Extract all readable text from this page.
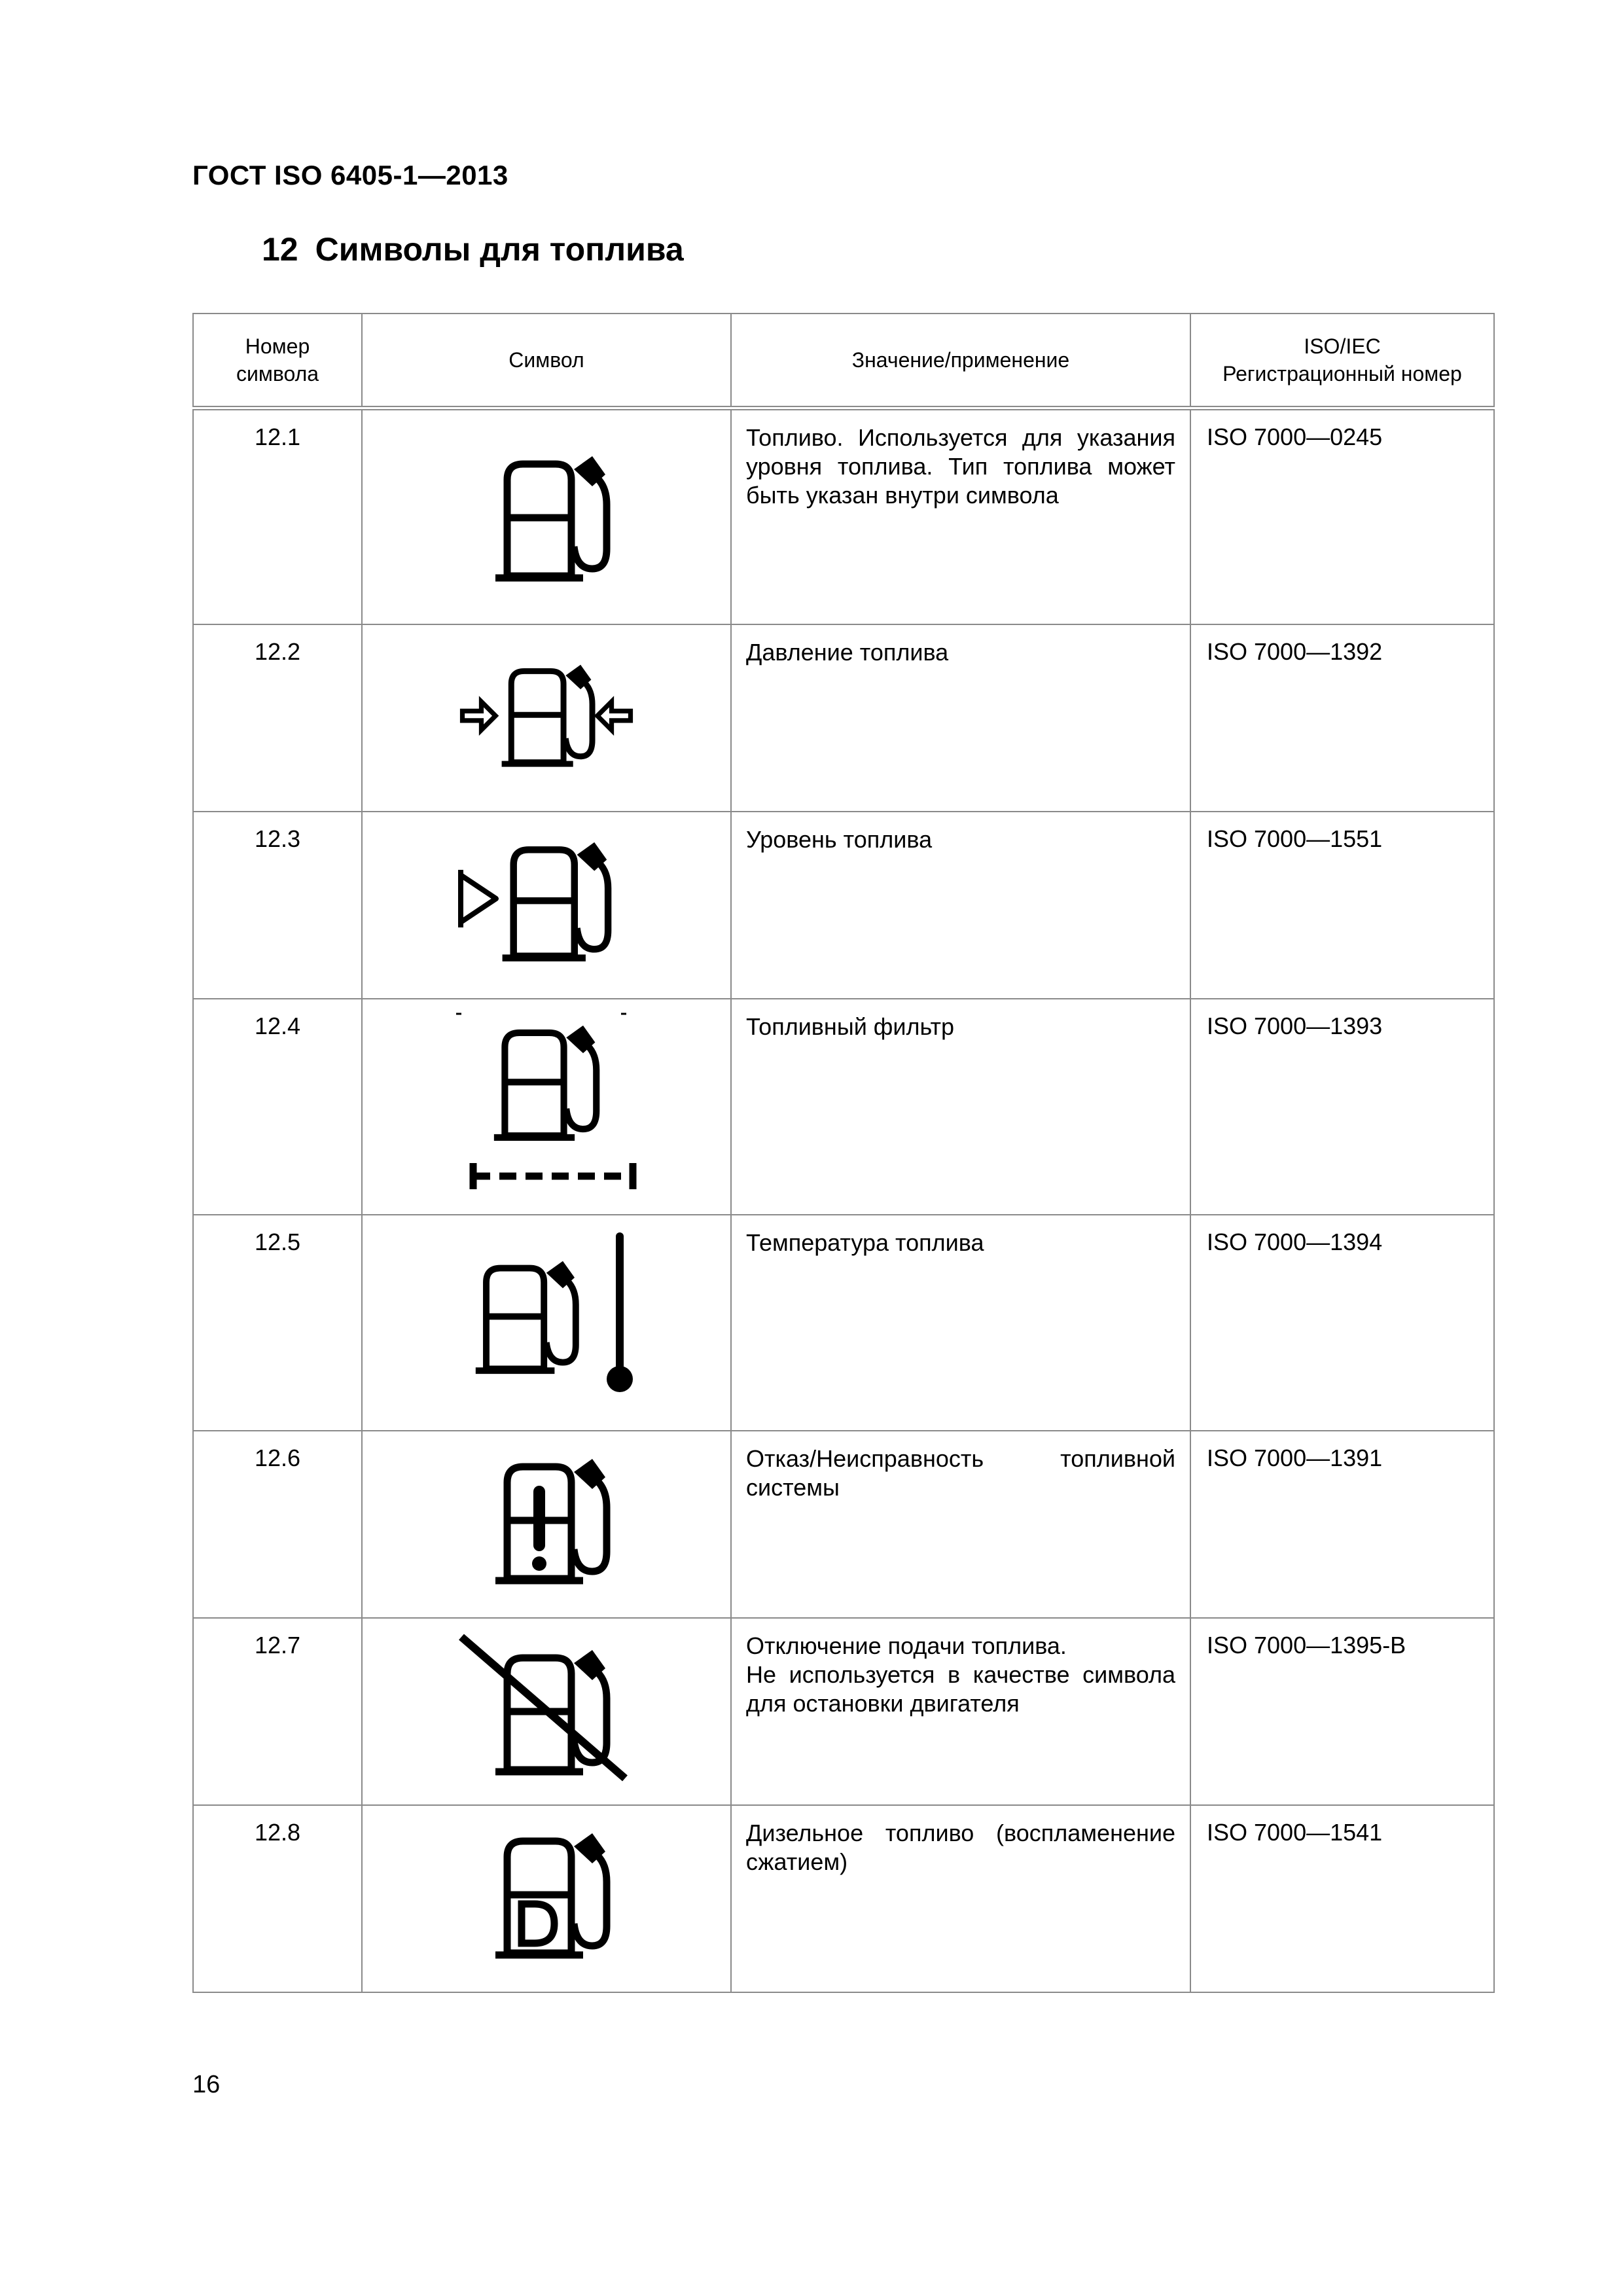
ГОСТ ISO 6405-1—2013
12 Символы для топлива
Номер
символа	Символ	Значение/применение	ISO/IEC
Регистрационный номер
12.1		Топливо. Используется для указания уровня топлива. Тип топлива может быть указан внутри символа	ISO 7000—0245
12.2		Давление топлива	ISO 7000—1392
12.3		Уровень топлива	ISO 7000—1551
12.4		Топливный фильтр	ISO 7000—1393
12.5		Температура топлива	ISO 7000—1394
12.6		Отказ/Неисправность топливной системы	ISO 7000—1391
12.7		Отключение подачи топлива.
Не используется в качестве символа для остановки двигателя	ISO 7000—1395-B
12.8		Дизельное топливо (воспламенение сжатием)	ISO 7000—1541
16
